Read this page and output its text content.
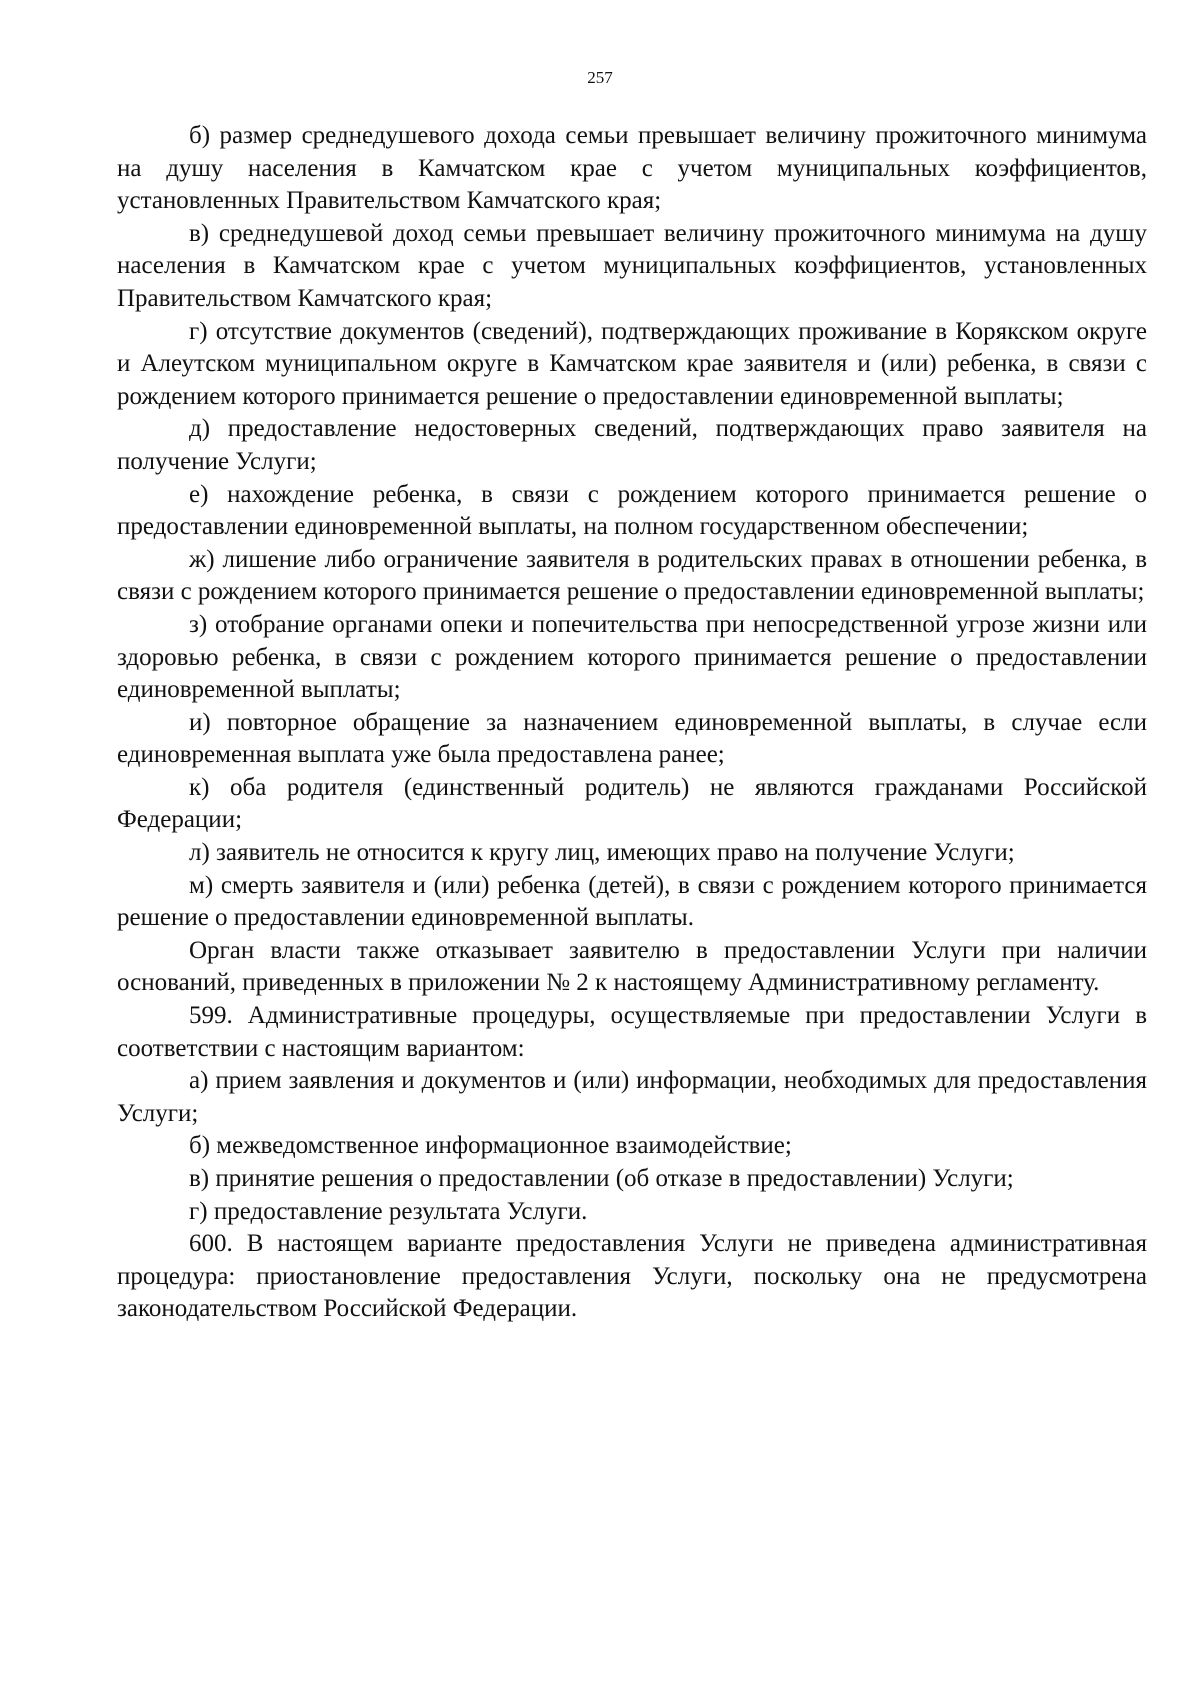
257

б) размер среднедушевого дохода семьи превышает величину прожиточного минимума на душу населения в Камчатском крае с учетом муниципальных коэффициентов, установленных Правительством Камчатского края;

в) среднедушевой доход семьи превышает величину прожиточного минимума на душу населения в Камчатском крае с учетом муниципальных коэффициентов, установленных Правительством Камчатского края;

г) отсутствие документов (сведений), подтверждающих проживание в Корякском округе и Алеутском муниципальном округе в Камчатском крае заявителя и (или) ребенка, в связи с рождением которого принимается решение о предоставлении единовременной выплаты;

д) предоставление недостоверных сведений, подтверждающих право заявителя на получение Услуги;

е) нахождение ребенка, в связи с рождением которого принимается решение о предоставлении единовременной выплаты, на полном государственном обеспечении;

ж) лишение либо ограничение заявителя в родительских правах в отношении ребенка, в связи с рождением которого принимается решение о предоставлении единовременной выплаты;

з) отобрание органами опеки и попечительства при непосредственной угрозе жизни или здоровью ребенка, в связи с рождением которого принимается решение о предоставлении единовременной выплаты;

и) повторное обращение за назначением единовременной выплаты, в случае если единовременная выплата уже была предоставлена ранее;

к) оба родителя (единственный родитель) не являются гражданами Российской Федерации;

л) заявитель не относится к кругу лиц, имеющих право на получение Услуги;

м) смерть заявителя и (или) ребенка (детей), в связи с рождением которого принимается решение о предоставлении единовременной выплаты.

Орган власти также отказывает заявителю в предоставлении Услуги при наличии оснований, приведенных в приложении № 2 к настоящему Административному регламенту.

599. Административные процедуры, осуществляемые при предоставлении Услуги в соответствии с настоящим вариантом:

а) прием заявления и документов и (или) информации, необходимых для предоставления Услуги;

б) межведомственное информационное взаимодействие;

в) принятие решения о предоставлении (об отказе в предоставлении) Услуги;

г) предоставление результата Услуги.

600. В настоящем варианте предоставления Услуги не приведена административная процедура: приостановление предоставления Услуги, поскольку она не предусмотрена законодательством Российской Федерации.
